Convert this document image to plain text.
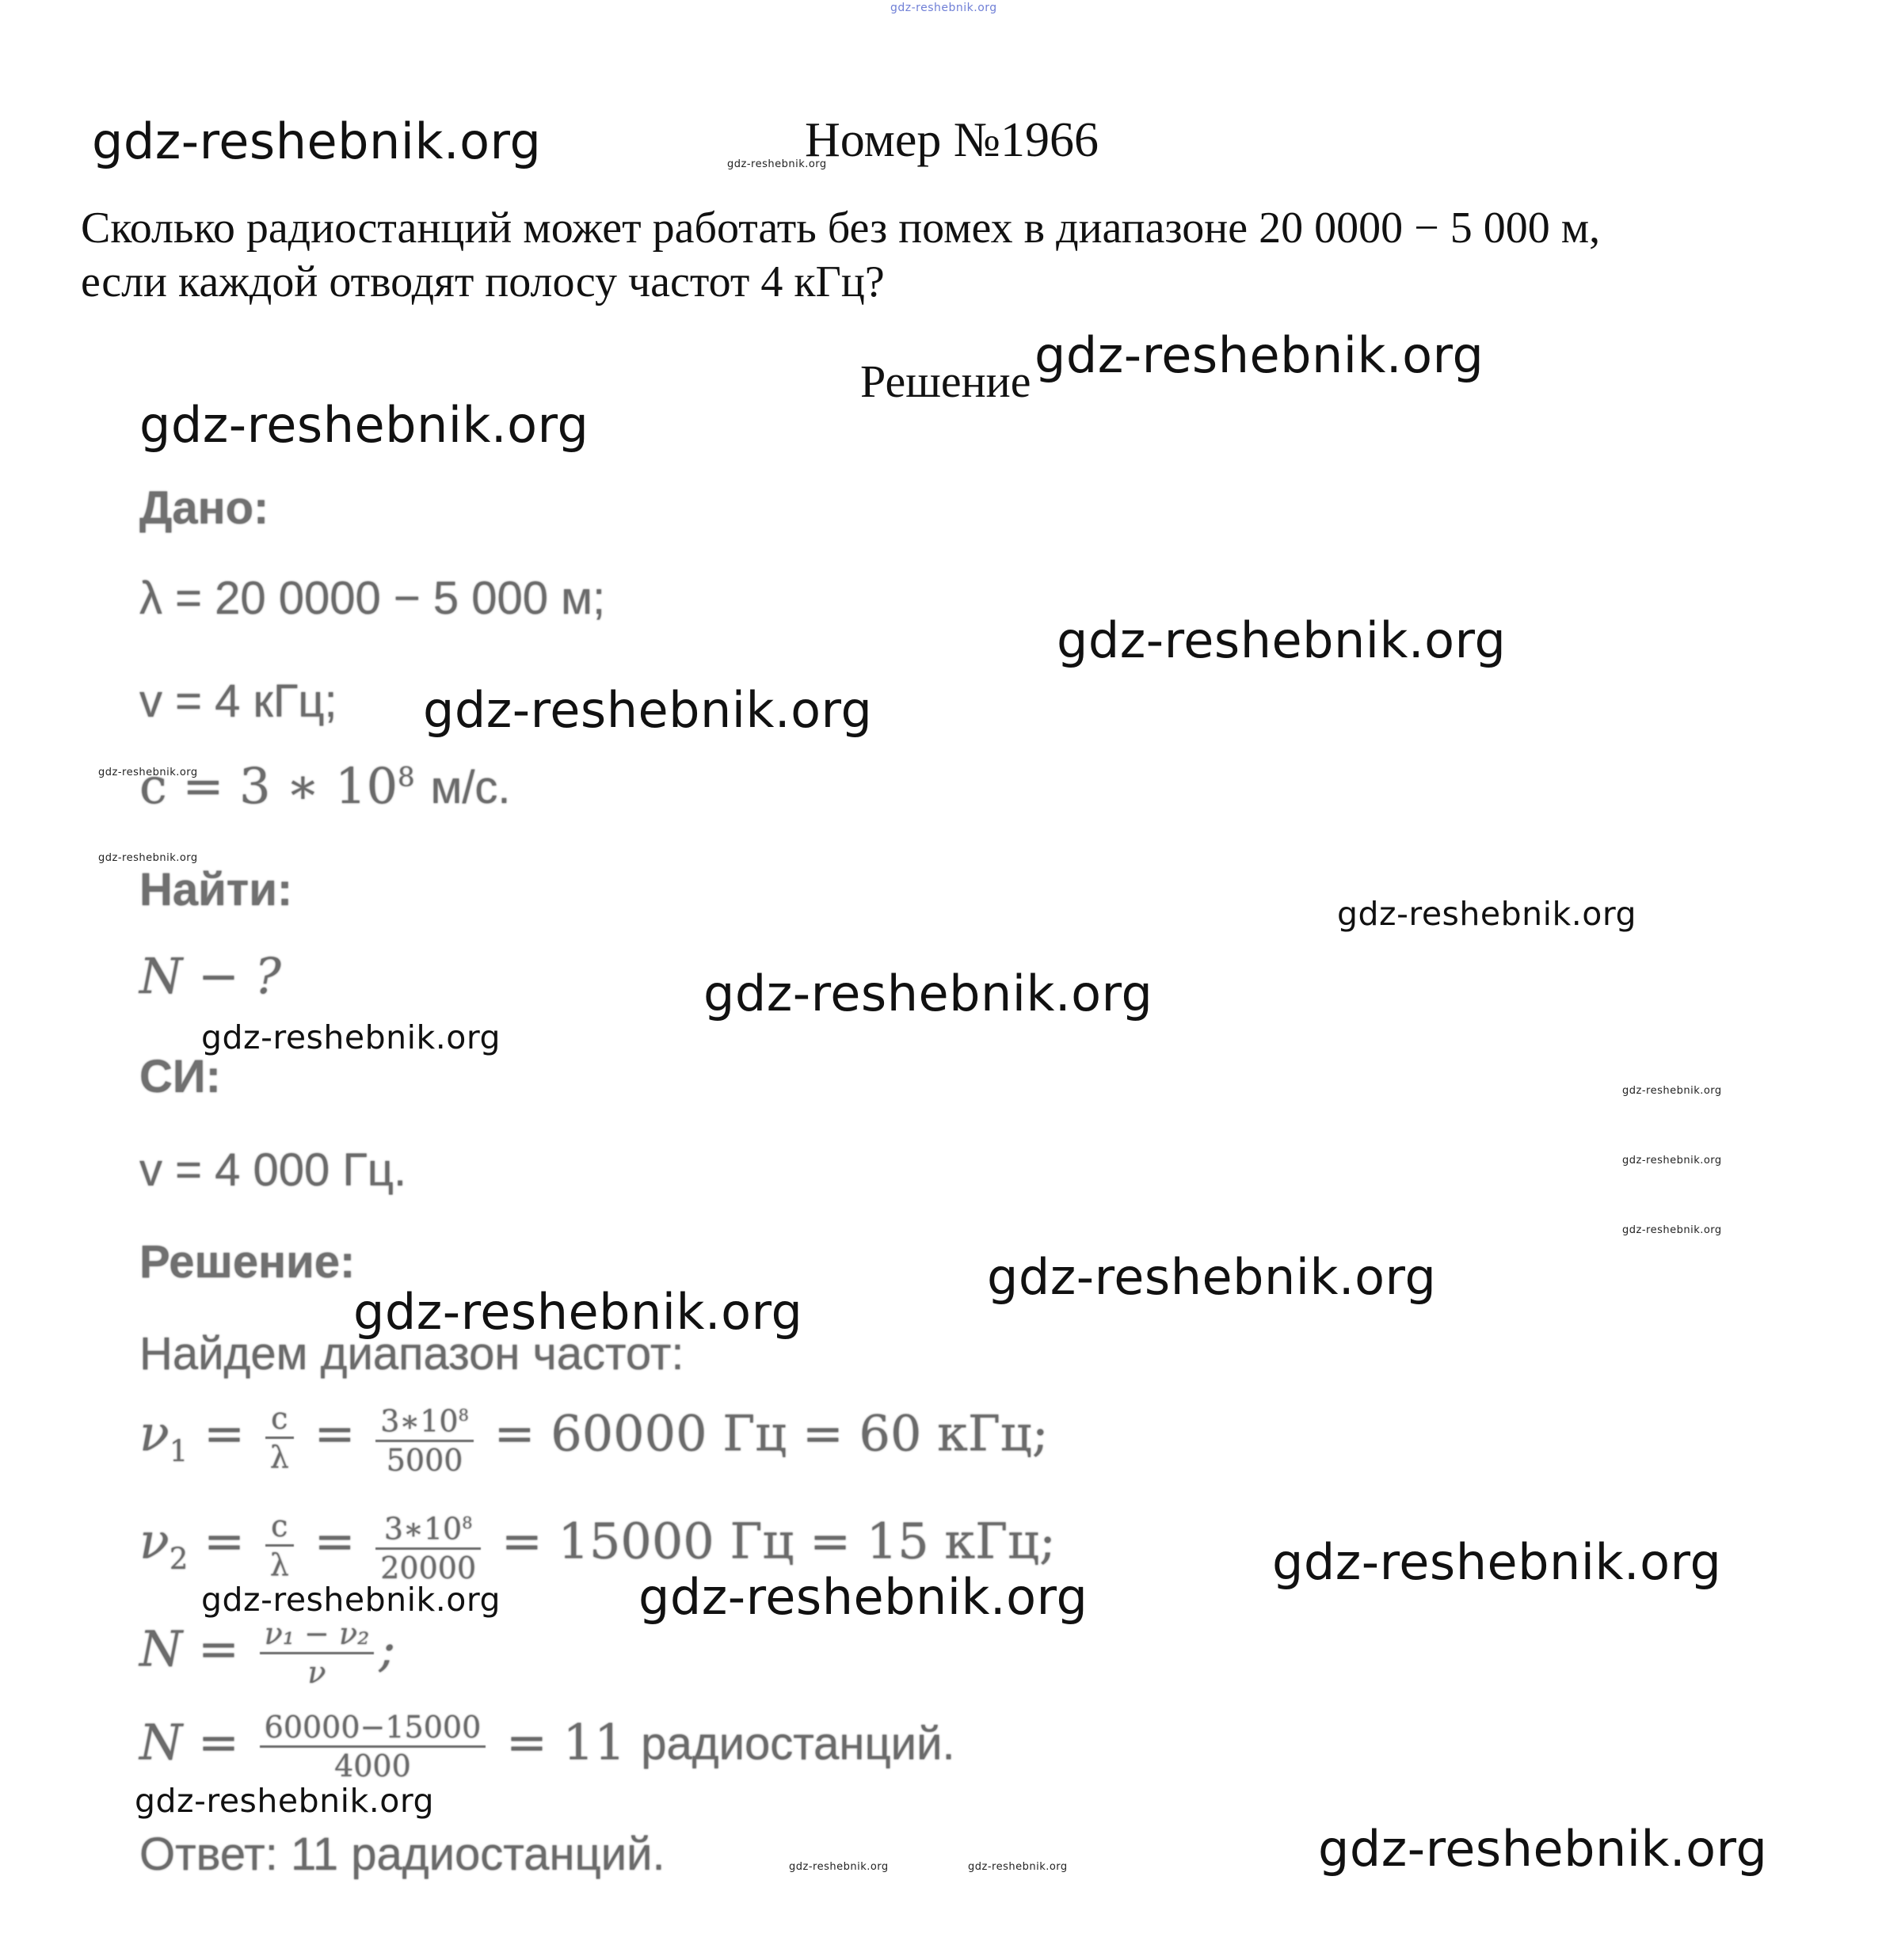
gdz-reshebnik.org
gdz-reshebnik.org	gdz-reshebnik.org
Номер №1966
Сколько радиостанций может работать без помех в диапазоне 20 0000 − 5 000 м,
если каждой отводят полосу частот 4 кГц?
Решение gdz-reshebnik.org
gdz-reshebnik.org
Дано:
λ = 20 0000 − 5 000 м;
gdz-reshebnik.org
v = 4 кГц; gdz-reshebnik.org
gdz-reshebnik.org
c = 3 ∗ $10^8$ м/с.
gdz-reshebnik.org
Найти:	gdz-reshebnik.org
N − ?	gdz-reshebnik.org
gdz-reshebnik.org
СИ:	gdz-reshebnik.org
v = 4 000 Гц.	gdz-reshebnik.org
gdz-reshebnik.org
Решение:	gdz-reshebnik.org
gdz-reshebnik.org
Найдем диапазон частот:
$\nu_1 = \frac{c}{\lambda} = \frac{3∗10^8}{5000} = 60000$ Гц = 60 кГц;
$\nu_2 = \frac{c}{\lambda} = \frac{3∗10^8}{20000} = 15000$ Гц = 15 кГц;	gdz-reshebnik.org
gdz-reshebnik.org	gdz-reshebnik.org
$N = \frac{\text{ν₁ − ν₂}}{\nu}$ ;
$N = \frac{60000-15000}{4000} = 11$ радиостанций.
gdz-reshebnik.org
Ответ: 11 радиостанций.	gdz-reshebnik.org	gdz-reshebnik.org	gdz-reshebnik.org
